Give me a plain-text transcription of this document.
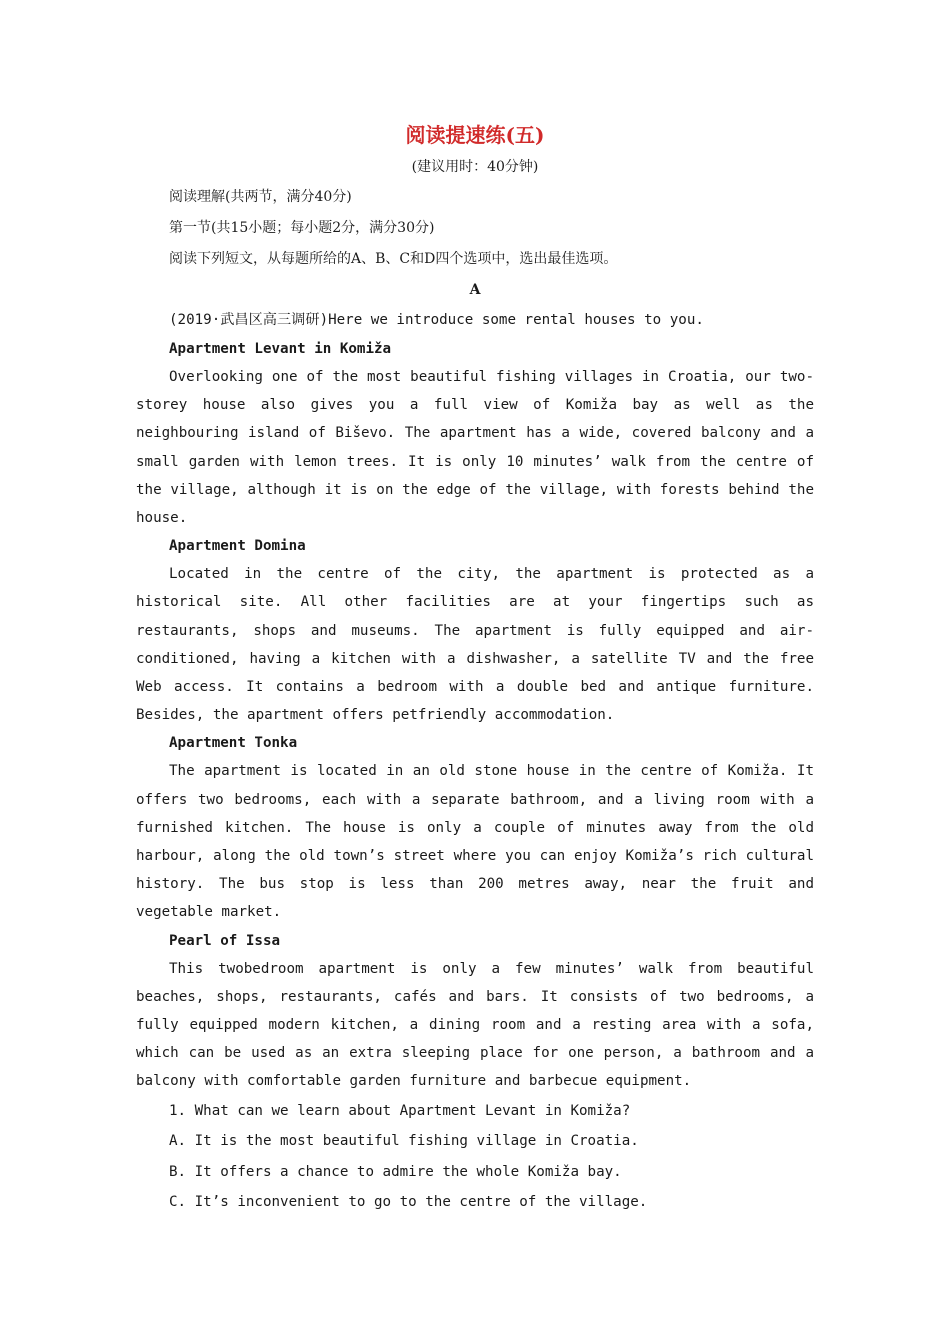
阅读提速练(五)

(建议用时：40分钟)

阅读理解(共两节，满分40分)

第一节(共15小题；每小题2分，满分30分)

阅读下列短文，从每题所给的A、B、C和D四个选项中，选出最佳选项。

A

(2019·武昌区高三调研)Here we introduce some rental houses to you.

Apartment Levant in Komiža

Overlooking one of the most beautiful fishing villages in Croatia, our two-storey house also gives you a full view of Komiža bay as well as the neighbouring island of Biševo. The apartment has a wide, covered balcony and a small garden with lemon trees. It is only 10 minutes’ walk from the centre of the village, although it is on the edge of the village, with forests behind the house.

Apartment Domina

Located in the centre of the city, the apartment is protected as a historical site. All other facilities are at your fingertips such as restaurants, shops and museums. The apartment is fully equipped and air-conditioned, having a kitchen with a dishwasher, a satellite TV and the free Web access. It contains a bedroom with a double bed and antique furniture. Besides, the apartment offers petfriendly accommodation.

Apartment Tonka

The apartment is located in an old stone house in the centre of Komiža. It offers two bedrooms, each with a separate bathroom, and a living room with a furnished kitchen. The house is only a couple of minutes away from the old harbour, along the old town’s street where you can enjoy Komiža’s rich cultural history. The bus stop is less than 200 metres away, near the fruit and vegetable market.

Pearl of Issa

This twobedroom apartment is only a few minutes’ walk from beautiful beaches, shops, restaurants, cafés and bars. It consists of two bedrooms, a fully equipped modern kitchen, a dining room and a resting area with a sofa, which can be used as an extra sleeping place for one person, a bathroom and a balcony with comfortable garden furniture and barbecue equipment.

1. What can we learn about Apartment Levant in Komiža?

A. It is the most beautiful fishing village in Croatia.

B. It offers a chance to admire the whole Komiža bay.

C. It’s inconvenient to go to the centre of the village.
